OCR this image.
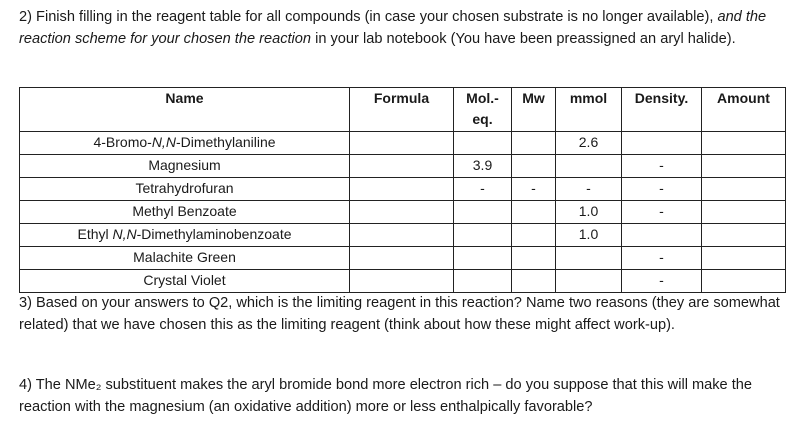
2) Finish filling in the reagent table for all compounds (in case your chosen substrate is no longer available), and the reaction scheme for your chosen the reaction in your lab notebook (You have been preassigned an aryl halide).

Name	Formula	Mol.-eq.	Mw	mmol	Density.	Amount
4-Bromo-N,N-Dimethylaniline				2.6		
Magnesium		3.9			-	
Tetrahydrofuran		-	-	-	-	
Methyl Benzoate				1.0	-	
Ethyl N,N-Dimethylaminobenzoate				1.0		
Malachite Green					-	
Crystal Violet					-	

3) Based on your answers to Q2, which is the limiting reagent in this reaction? Name two reasons (they are somewhat related) that we have chosen this as the limiting reagent (think about how these might affect work-up).

4) The NMe₂ substituent makes the aryl bromide bond more electron rich – do you suppose that this will make the reaction with the magnesium (an oxidative addition) more or less enthalpically favorable?
